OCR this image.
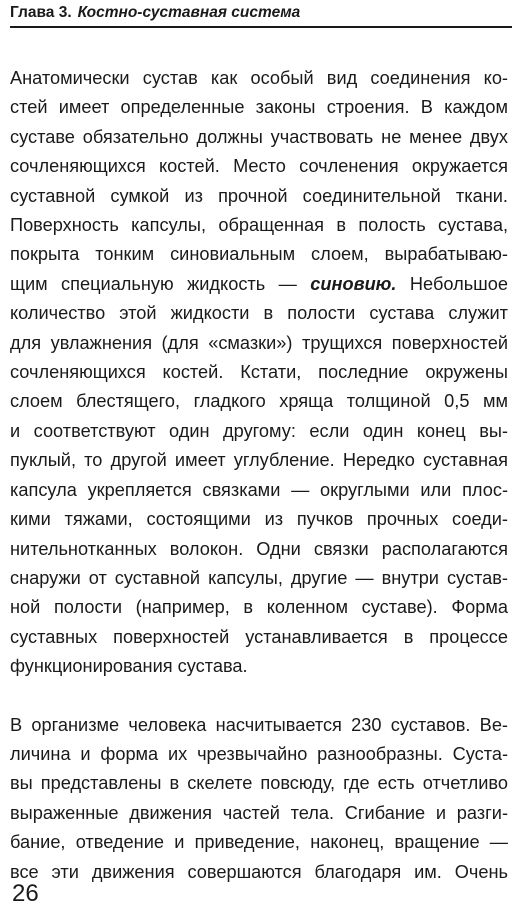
Глава 3. Костно-суставная система
Анатомически сустав как особый вид соединения ко-
стей имеет определенные законы строения. В каждом
суставе обязательно должны участвовать не менее двух
сочленяющихся костей. Место сочленения окружается
суставной сумкой из прочной соединительной ткани.
Поверхность капсулы, обращенная в полость сустава,
покрыта тонким синовиальным слоем, вырабатываю-
щим специальную жидкость — синовию. Небольшое
количество этой жидкости в полости сустава служит
для увлажнения (для «смазки») трущихся поверхностей
сочленяющихся костей. Кстати, последние окружены
слоем блестящего, гладкого хряща толщиной 0,5 мм
и соответствуют один другому: если один конец вы-
пуклый, то другой имеет углубление. Нередко суставная
капсула укрепляется связками — округлыми или плос-
кими тяжами, состоящими из пучков прочных соеди-
нительнотканных волокон. Одни связки располагаются
снаружи от суставной капсулы, другие — внутри сустав-
ной полости (например, в коленном суставе). Форма
суставных поверхностей устанавливается в процессе
функционирования сустава.
В организме человека насчитывается 230 суставов. Ве-
личина и форма их чрезвычайно разнообразны. Суста-
вы представлены в скелете повсюду, где есть отчетливо
выраженные движения частей тела. Сгибание и разги-
бание, отведение и приведение, наконец, вращение —
все эти движения совершаются благодаря им. Очень
26
